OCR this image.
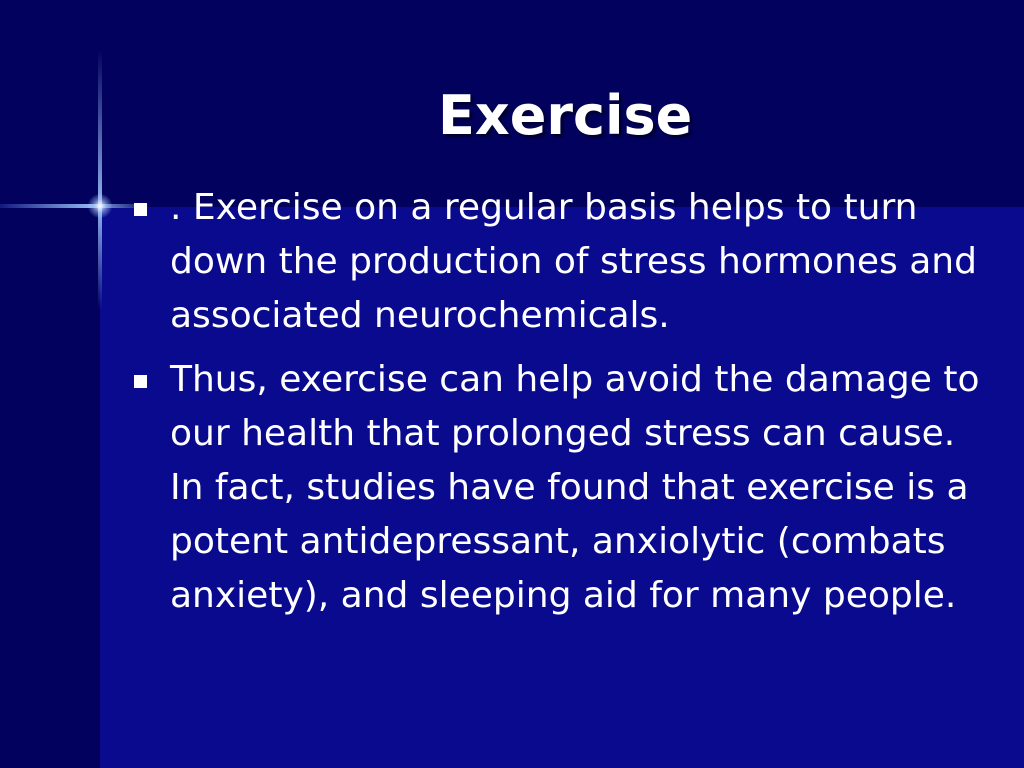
Exercise
. Exercise on a regular basis helps to turn down the production of stress hormones and associated neurochemicals.
Thus, exercise can help avoid the damage to our health that prolonged stress can cause. In fact, studies have found that exercise is a potent antidepressant, anxiolytic (combats anxiety), and sleeping aid for many people.
